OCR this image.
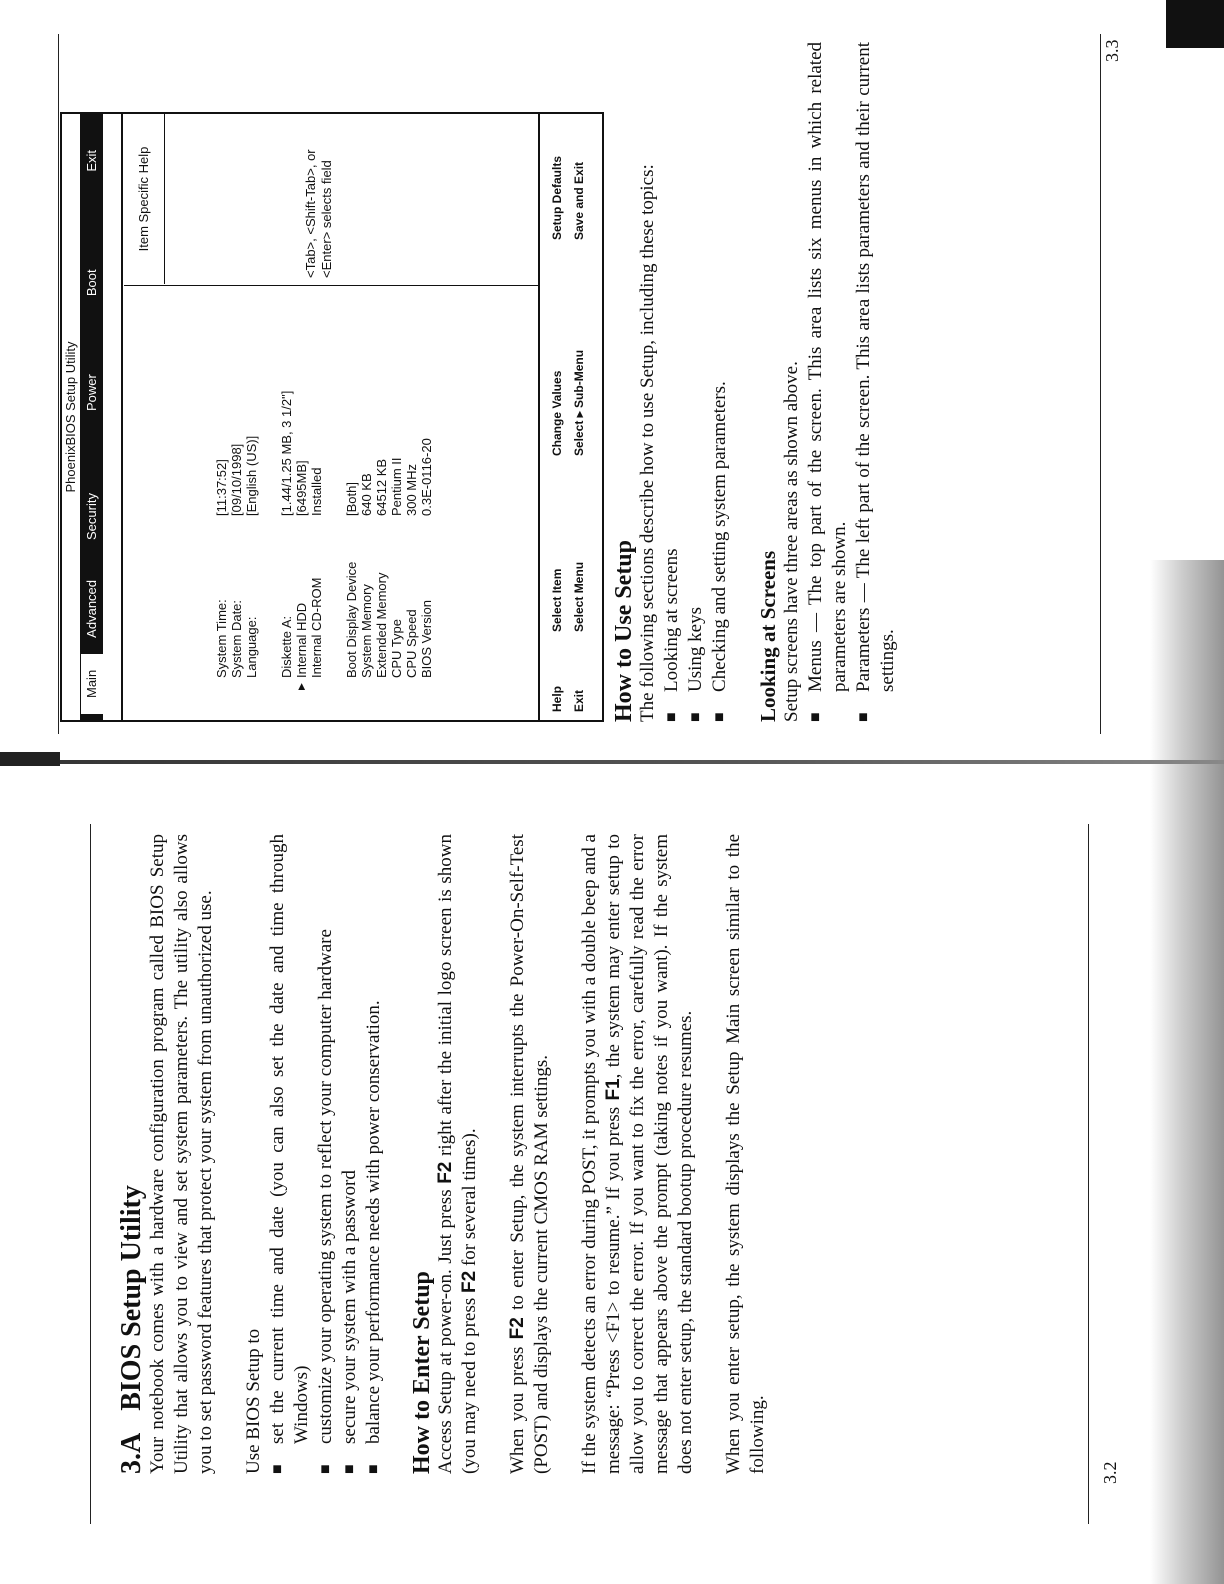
3.ABIOS Setup Utility Your notebook comes with a hardware configuration program called BIOS Setup Utility that allows you to view and set system parameters. The utility also allows you to set password features that protect your system from unauthorized use. Use BIOS Setup to ■ set the current time and date (you can also set the date and time through Windows) ■ customize your operating system to reflect your computer hardware ■ secure your system with a password ■ balance your performance needs with power conservation. How to Enter Setup Access Setup at power-on. Just press F2 right after the initial logo screen is shown (you may need to press F2 for several times).

When you press F2 to enter Setup, the system interrupts the Power-On-Self-Test (POST) and displays the current CMOS RAM settings. If the system detects an error during POST, it prompts you with a double beep and a message: “Press <F1> to resume.” If you press F1, the system may enter setup to allow you to correct the error. If you want to fix the error, carefully read the error message that appears above the prompt (taking notes if you want). If the system does not enter setup, the standard bootup procedure resumes. When you enter setup, the system displays the Setup Main screen similar to the following.	3.2
PhoenixBIOS Setup Utility
Main
Advanced
Security
Power
Boot
Exit
System Time:
[11:37:52]
System Date:
[09/10/1998]
Language:
[English (US)]
Diskette A:
[1.44/1.25 MB, 3 1/2"]
▶
Internal HDD
[6495MB]
Internal CD-ROM
Installed
Boot Display Device
[Both]
System Memory
640 KB
Extended Memory
64512 KB
CPU Type
Pentium II
CPU Speed
300 MHz
BIOS Version
0.3E-0116-20
Item Specific Help	<Tab>, <Shift-Tab>, or <Enter> selects field
Help
Select Item
Change Values
Setup Defaults
Exit
Select Menu
Select ▸ Sub-Menu
Save and Exit
How to Use Setup The following sections describe how to use Setup, including these topics: ■ Looking at screens ■ Using keys ■ Checking and setting system parameters. Looking at Screens Setup screens have three areas as shown above. ■ Menus — The top part of the screen. This area lists six menus in which related parameters are shown. ■ Parameters — The left part of the screen. This area lists parameters and their current settings.
3.3
